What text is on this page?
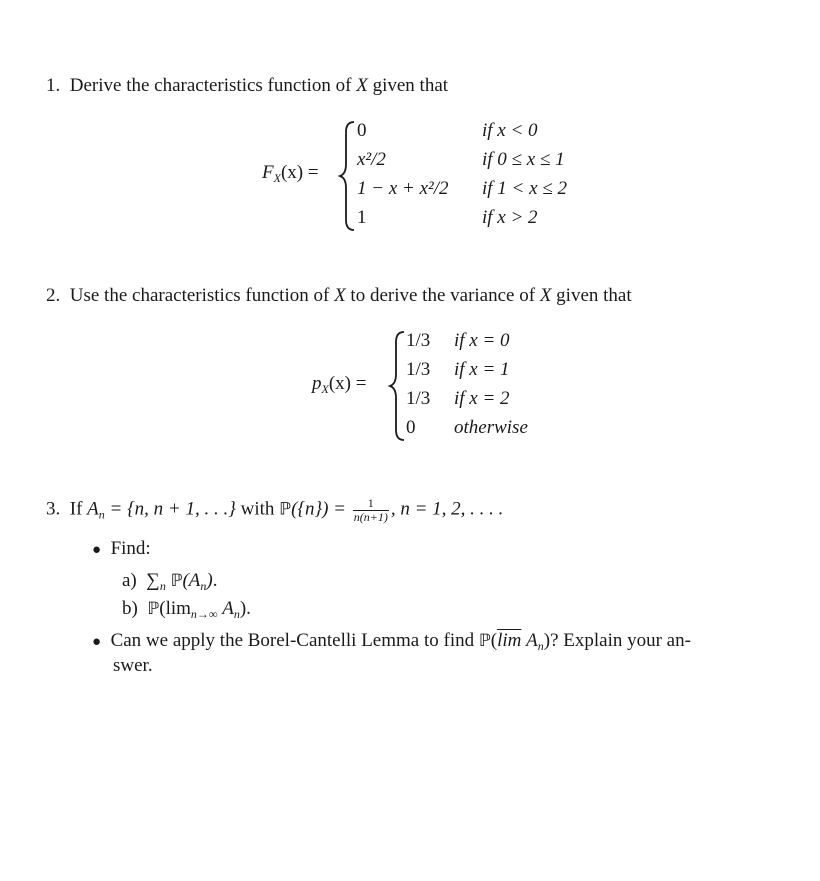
1. Derive the characteristics function of X given that
$F_X(x)$ =
0	if x < 0
x²/2	if 0 ≤ x ≤ 1
1 − x + x²/2 if 1 < x ≤ 2
1	if x > 2
2. Use the characteristics function of X to derive the variance of X given that
$p_X(x)$ =
1/3 if x = 0
1/3 if x = 1
1/3 if x = 2
0 otherwise
3. If $A_n = \{n$, n + 1, . . .} with ℙ({n}) = $\frac{1}{n(n+1)}$ , n = 1, 2, . . . .
● Find:
a) $\sum_n$ $ℙ(A_n)$.
b) $ℙ(\lim_{n\to\infty}$ $A_n$).
● Can we apply the Borel-Cantelli Lemma to find $ℙ(\overline{lim}$ $A_n$)? Explain your an-
swer.
